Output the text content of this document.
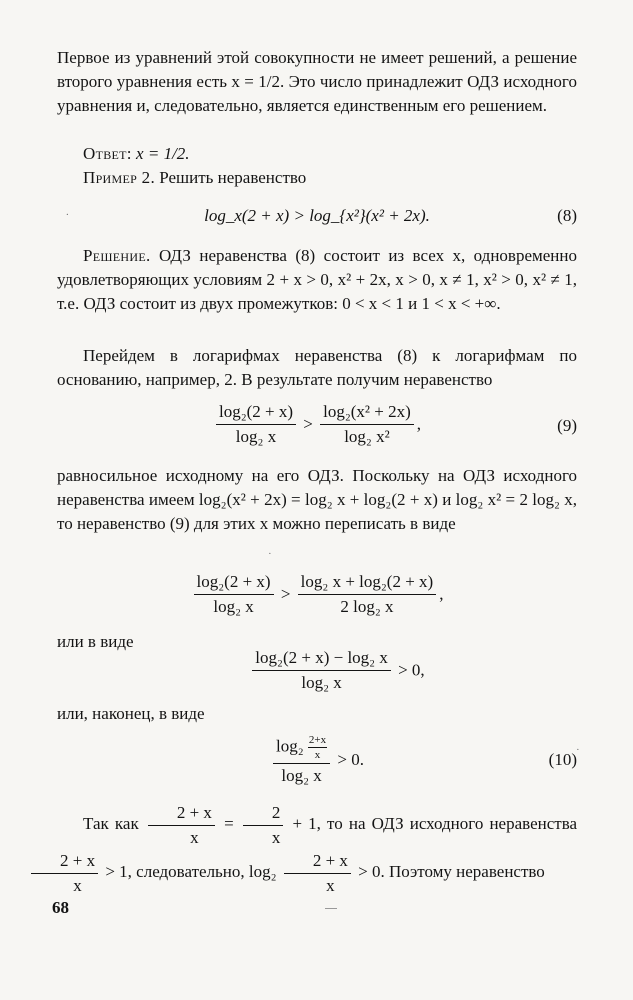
Первое из уравнений этой совокупности не имеет решений, а решение второго уравнения есть x = 1/2. Это число принадлежит ОДЗ исходного уравнения и, следовательно, является единственным его решением.
Ответ: x = 1/2.
Пример 2. Решить неравенство
log_x(2 + x) > log_{x²}(x² + 2x).	(8)
Решение. ОДЗ неравенства (8) состоит из всех x, одновременно удовлетворяющих условиям 2 + x > 0, x² + 2x, x > 0, x ≠ 1, x² > 0, x² ≠ 1, т.е. ОДЗ состоит из двух промежутков: 0 < x < 1 и 1 < x < +∞.
Перейдем в логарифмах неравенства (8) к логарифмам по основанию, например, 2. В результате получим неравенство
$\frac{\text{log₂(2 + x)}}{\text{log₂ x}} > \frac{\text{log₂(x² + 2x)}}{\text{log₂ x²}}$ ,	(9)
равносильное исходному на его ОДЗ. Поскольку на ОДЗ исходного неравенства имеем log₂(x² + 2x) = log₂ x + log₂(2 + x) и log₂ x² = 2 log₂ x, то неравенство (9) для этих x можно переписать в виде
$\frac{\text{log₂(2 + x)}}{\text{log₂ x}} > \frac{\text{log₂ x + log₂(2 + x)}}{\text{2 log₂ x}}$ ,
или в виде
$\frac{\text{log₂(2 + x) − log₂ x}}{\text{log₂ x}} > 0$,
или, наконец, в виде
$\frac{\log_2 \frac{2+x}{x}}{\text{log₂ x}} > 0$.	(10)
Так как $\frac{2 + x}{x} = \frac{2}{x} + 1$, то на ОДЗ исходного неравенства
$\frac{2 + x}{x} > 1$, следовательно, $\log_2 \frac{2 + x}{x} > 0$. Поэтому неравенство
68
.
·
·
